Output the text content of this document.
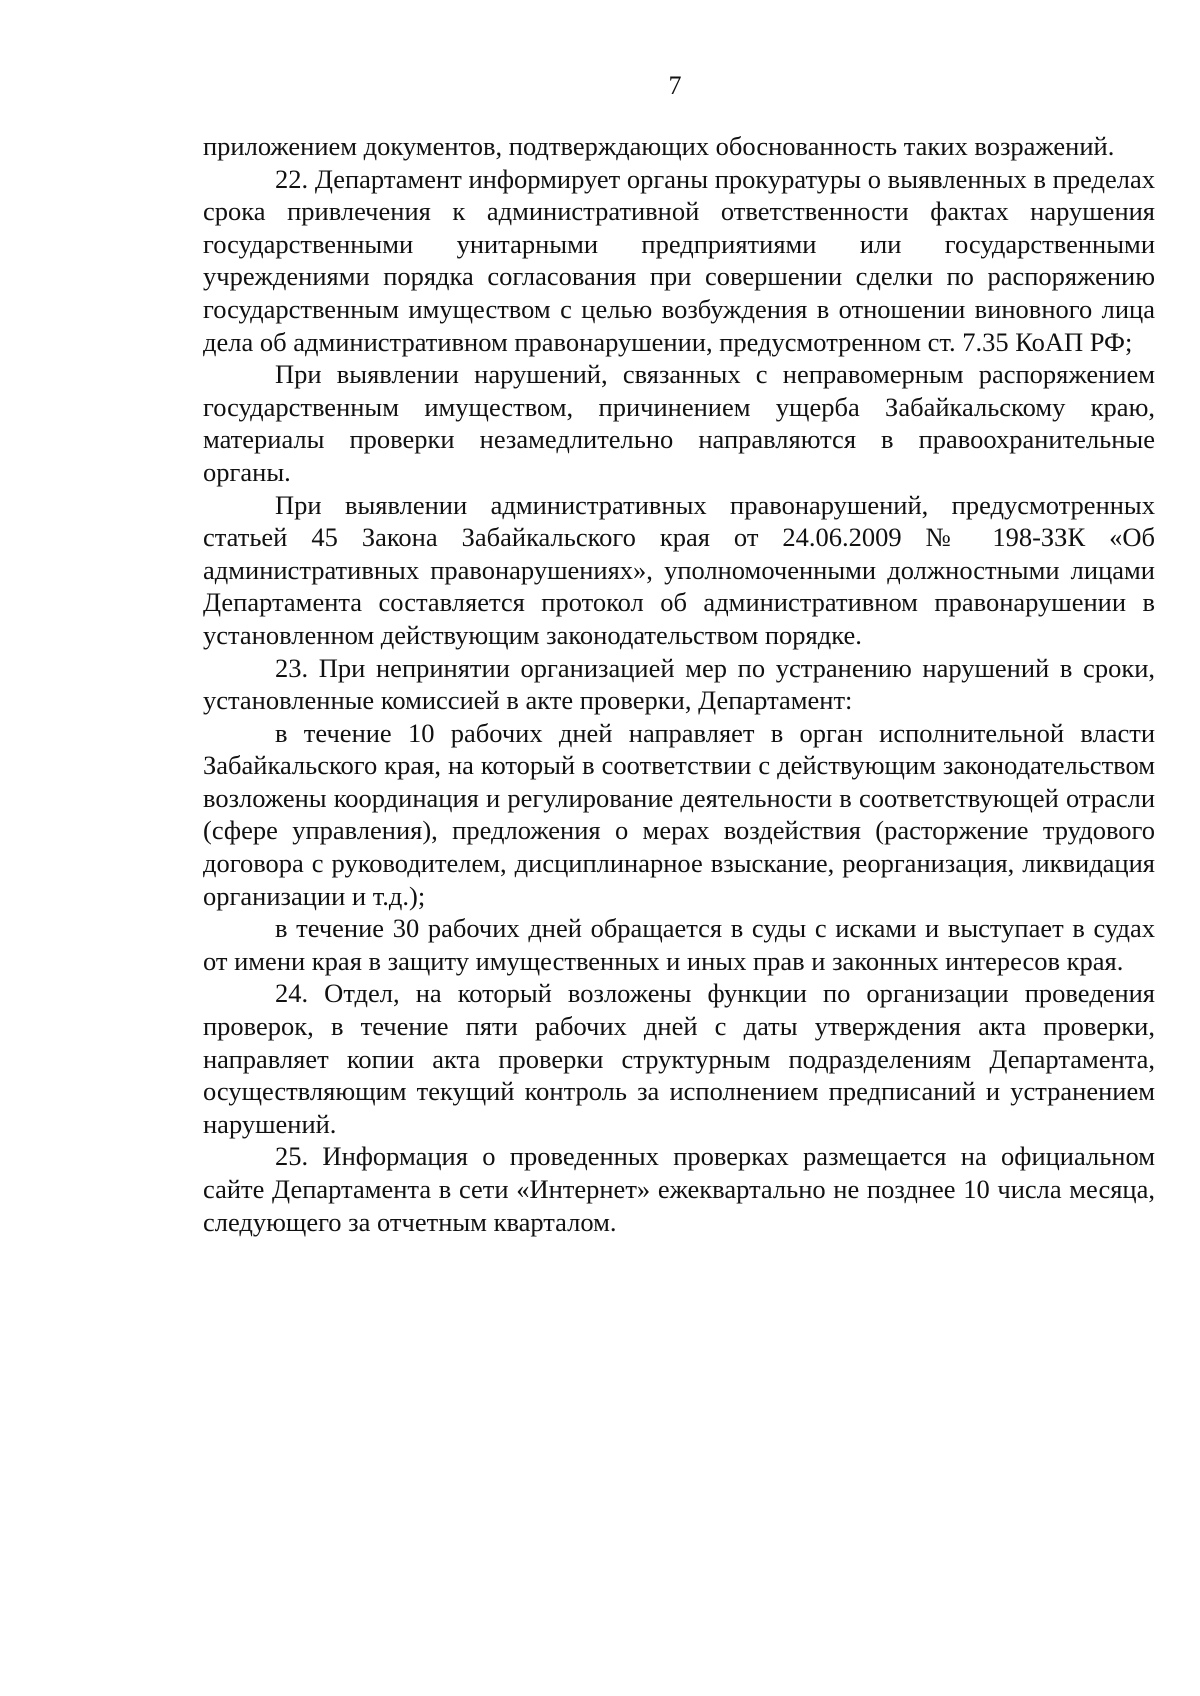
7

приложением документов, подтверждающих обоснованность таких возражений.

22. Департамент информирует органы прокуратуры о выявленных в пределах срока привлечения к административной ответственности фактах нарушения государственными унитарными предприятиями или государственными учреждениями порядка согласования при совершении сделки по распоряжению государственным имуществом с целью возбуждения в отношении виновного лица дела об административном правонарушении, предусмотренном ст. 7.35 КоАП РФ;

При выявлении нарушений, связанных с неправомерным распоряжением государственным имуществом, причинением ущерба Забайкальскому краю, материалы проверки незамедлительно направляются в правоохранительные органы.

При выявлении административных правонарушений, предусмотренных статьей 45 Закона Забайкальского края от 24.06.2009 № 198-ЗЗК «Об административных правонарушениях», уполномоченными должностными лицами Департамента составляется протокол об административном правонарушении в установленном действующим законодательством порядке.

23. При непринятии организацией мер по устранению нарушений в сроки, установленные комиссией в акте проверки, Департамент:

в течение 10 рабочих дней направляет в орган исполнительной власти Забайкальского края, на который в соответствии с действующим законодательством возложены координация и регулирование деятельности в соответствующей отрасли (сфере управления), предложения о мерах воздействия (расторжение трудового договора с руководителем, дисциплинарное взыскание, реорганизация, ликвидация организации и т.д.);

в течение 30 рабочих дней обращается в суды с исками и выступает в судах от имени края в защиту имущественных и иных прав и законных интересов края.

24. Отдел, на который возложены функции по организации проведения проверок, в течение пяти рабочих дней с даты утверждения акта проверки, направляет копии акта проверки структурным подразделениям Департамента, осуществляющим текущий контроль за исполнением предписаний и устранением нарушений.

25. Информация о проведенных проверках размещается на официальном сайте Департамента в сети «Интернет» ежеквартально не позднее 10 числа месяца, следующего за отчетным кварталом.
